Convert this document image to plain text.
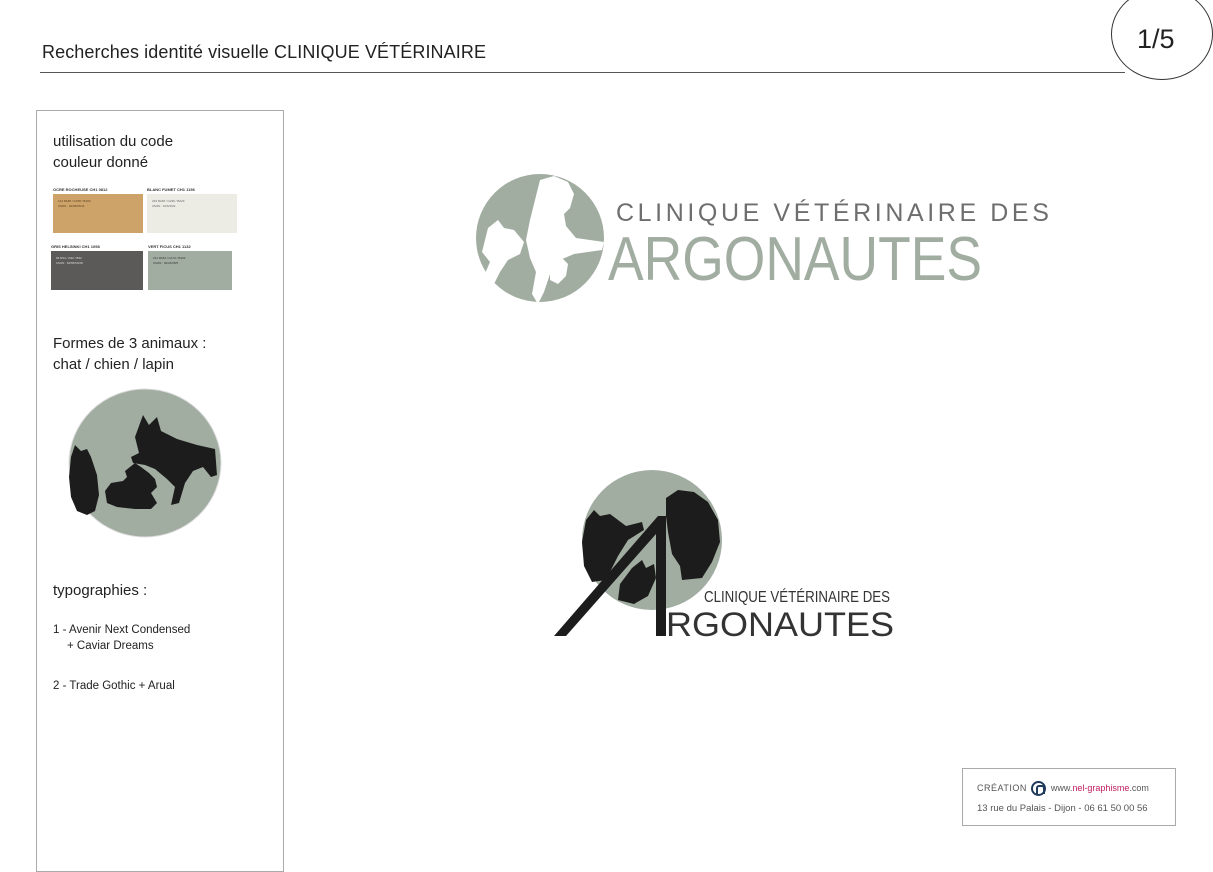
Recherches identité visuelle CLINIQUE VÉTÉRINAIRE	1/5
utilisation du code
couleur donné
OCRE ROCHEUSE CH1 0812
144 R188 / G158 / B100
CMJN : 20/35/65/11
BLANC FUMET CH1 1156
233 R238 / G236 / B229
CMJN : 10/6/10/0
GRIS HELSINKI CH1 1098
96 R94 / G92 / B92
CMJN : 64/55/53/28
VERT FICUS CH1 1132
161 R162 / G173 / B162
CMJN : 40/23/35/5
Formes de 3 animaux :
chat / chien / lapin
typographies :
1 - Avenir Next Condensed
+ Caviar Dreams
2 - Trade Gothic + Arual
CLINIQUE VÉTÉRINAIRE DES
ARGONAUTES
CLINIQUE VÉTÉRINAIRE DES
RGONAUTES
CRÉATION	www.nel-graphisme.com
13 rue du Palais - Dijon - 06 61 50 00 56
